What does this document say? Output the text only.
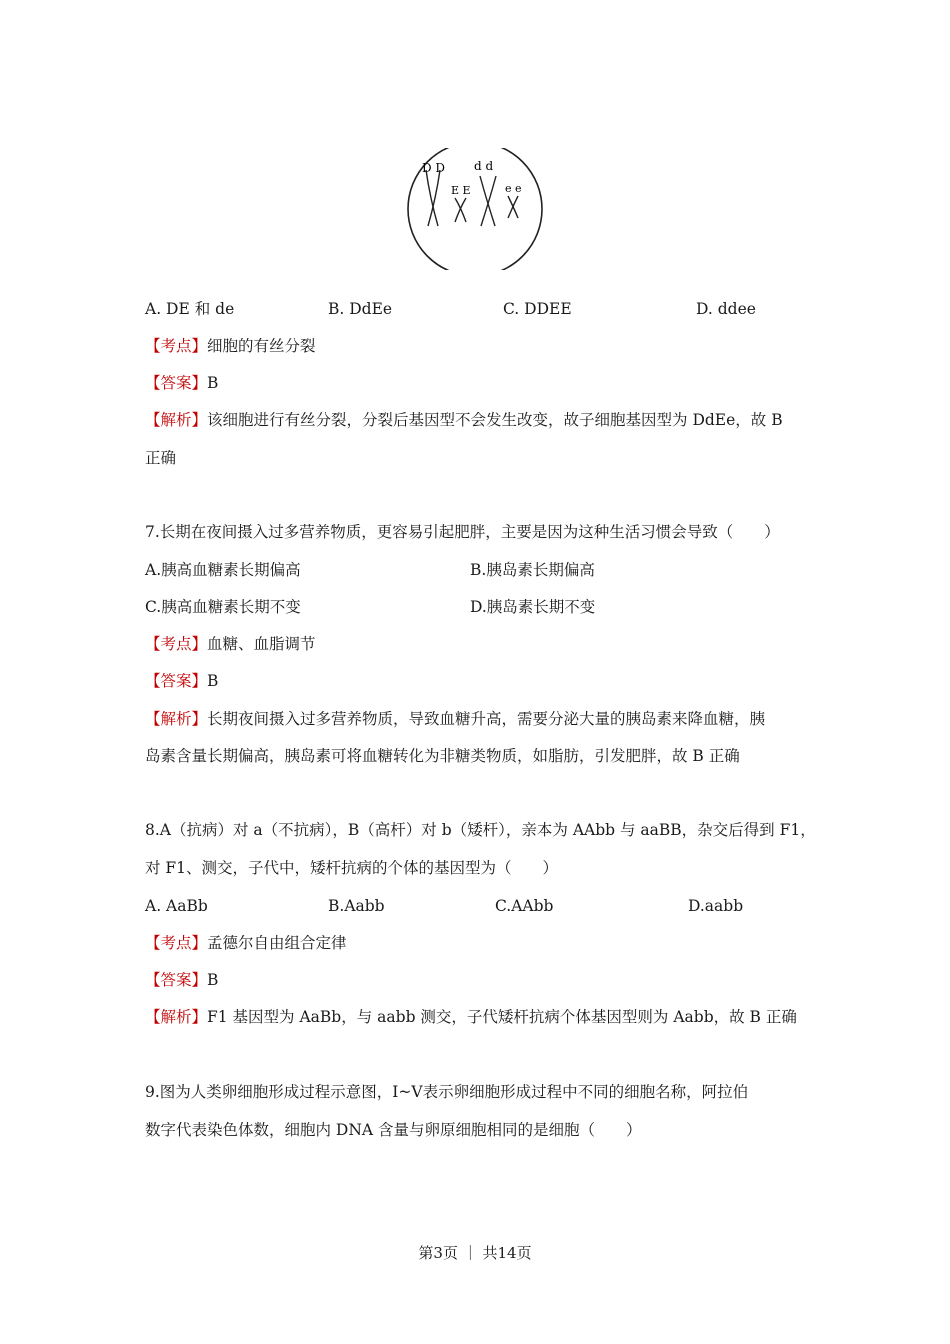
D D
E E
d d
e e
A. DE 和 de	B. DdEe	C. DDEE	D. ddee
【考点】细胞的有丝分裂
【答案】B
【解析】该细胞进行有丝分裂，分裂后基因型不会发生改变，故子细胞基因型为 DdEe，故 B
正确
7.长期在夜间摄入过多营养物质，更容易引起肥胖，主要是因为这种生活习惯会导致（　　）
A.胰高血糖素长期偏高	B.胰岛素长期偏高
C.胰高血糖素长期不变	D.胰岛素长期不变
【考点】血糖、血脂调节
【答案】B
【解析】长期夜间摄入过多营养物质，导致血糖升高，需要分泌大量的胰岛素来降血糖，胰
岛素含量长期偏高，胰岛素可将血糖转化为非糖类物质，如脂肪，引发肥胖，故 B 正确
8.A（抗病）对 a（不抗病），B（高杆）对 b（矮杆），亲本为 AAbb 与 aaBB，杂交后得到 F1，
对 F1、测交，子代中，矮杆抗病的个体的基因型为（　　）
A. AaBb	B.Aabb	C.AAbb	D.aabb
【考点】孟德尔自由组合定律
【答案】B
【解析】F1 基因型为 AaBb，与 aabb 测交，子代矮杆抗病个体基因型则为 Aabb，故 B 正确
9.图为人类卵细胞形成过程示意图，Ⅰ~Ⅴ表示卵细胞形成过程中不同的细胞名称，阿拉伯
数字代表染色体数，细胞内 DNA 含量与卵原细胞相同的是细胞（　　）
第3页 ｜ 共14页
